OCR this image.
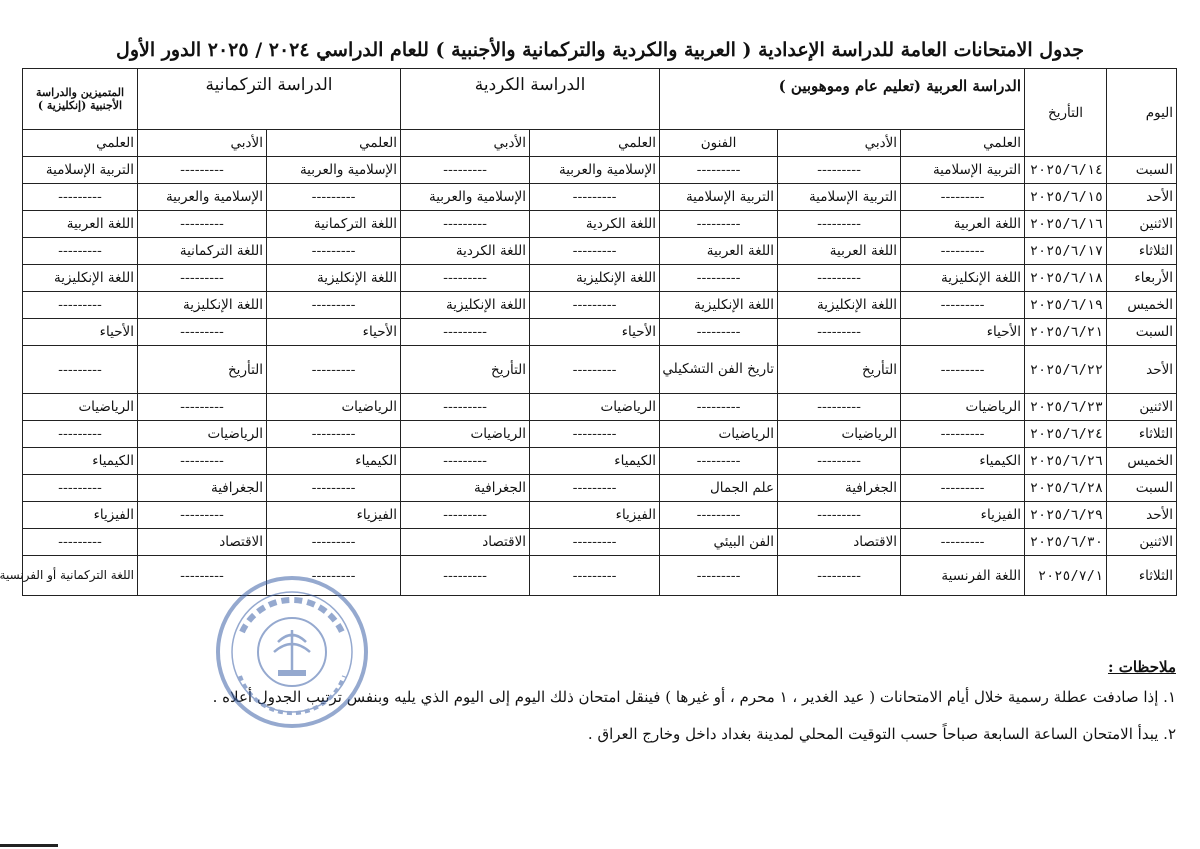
جدول الامتحانات العامة للدراسة الإعدادية ( العربية والكردية والتركمانية والأجنبية ) للعام الدراسي ٢٠٢٤ / ٢٠٢٥ الدور الأول
اليوم	التأريخ	الدراسة العربية (تعليم عام وموهوبين )			الدراسة الكردية		الدراسة التركمانية		المتميزين والدراسة الأجنبية (إنكليزية )
		العلمي	الأدبي	الفنون	العلمي	الأدبي	العلمي	الأدبي	العلمي
السبت	٢٠٢٥/٦/١٤	التربية الإسلامية	---------	---------	الإسلامية والعربية	---------	الإسلامية والعربية	---------	التربية الإسلامية
الأحد	٢٠٢٥/٦/١٥	---------	التربية الإسلامية	التربية الإسلامية	---------	الإسلامية والعربية	---------	الإسلامية والعربية	---------
الاثنين	٢٠٢٥/٦/١٦	اللغة العربية	---------	---------	اللغة الكردية	---------	اللغة التركمانية	---------	اللغة العربية
الثلاثاء	٢٠٢٥/٦/١٧	---------	اللغة العربية	اللغة العربية	---------	اللغة الكردية	---------	اللغة التركمانية	---------
الأربعاء	٢٠٢٥/٦/١٨	اللغة الإنكليزية	---------	---------	اللغة الإنكليزية	---------	اللغة الإنكليزية	---------	اللغة الإنكليزية
الخميس	٢٠٢٥/٦/١٩	---------	اللغة الإنكليزية	اللغة الإنكليزية	---------	اللغة الإنكليزية	---------	اللغة الإنكليزية	---------
السبت	٢٠٢٥/٦/٢١	الأحياء	---------	---------	الأحياء	---------	الأحياء	---------	الأحياء
الأحد	٢٠٢٥/٦/٢٢	---------	التأريخ	تاريخ الفن التشكيلي	---------	التأريخ	---------	التأريخ	---------
الاثنين	٢٠٢٥/٦/٢٣	الرياضيات	---------	---------	الرياضيات	---------	الرياضيات	---------	الرياضيات
الثلاثاء	٢٠٢٥/٦/٢٤	---------	الرياضيات	الرياضيات	---------	الرياضيات	---------	الرياضيات	---------
الخميس	٢٠٢٥/٦/٢٦	الكيمياء	---------	---------	الكيمياء	---------	الكيمياء	---------	الكيمياء
السبت	٢٠٢٥/٦/٢٨	---------	الجغرافية	علم الجمال	---------	الجغرافية	---------	الجغرافية	---------
الأحد	٢٠٢٥/٦/٢٩	الفيزياء	---------	---------	الفيزياء	---------	الفيزياء	---------	الفيزياء
الاثنين	٢٠٢٥/٦/٣٠	---------	الاقتصاد	الفن البيئي	---------	الاقتصاد	---------	الاقتصاد	---------
الثلاثاء	٢٠٢٥/٧/١	اللغة الفرنسية	---------	---------	---------	---------	---------	---------	اللغة التركمانية أو الفرنسية
ملاحظات :
١. إذا صادفت عطلة رسمية خلال أيام الامتحانات ( عيد الغدير ، ١ محرم ، أو غيرها ) فينقل امتحان ذلك اليوم إلى اليوم الذي يليه وبنفس ترتيب الجدول أعلاه .
٢. يبدأ الامتحان الساعة السابعة صباحاً حسب التوقيت المحلي لمدينة بغداد داخل وخارج العراق .
